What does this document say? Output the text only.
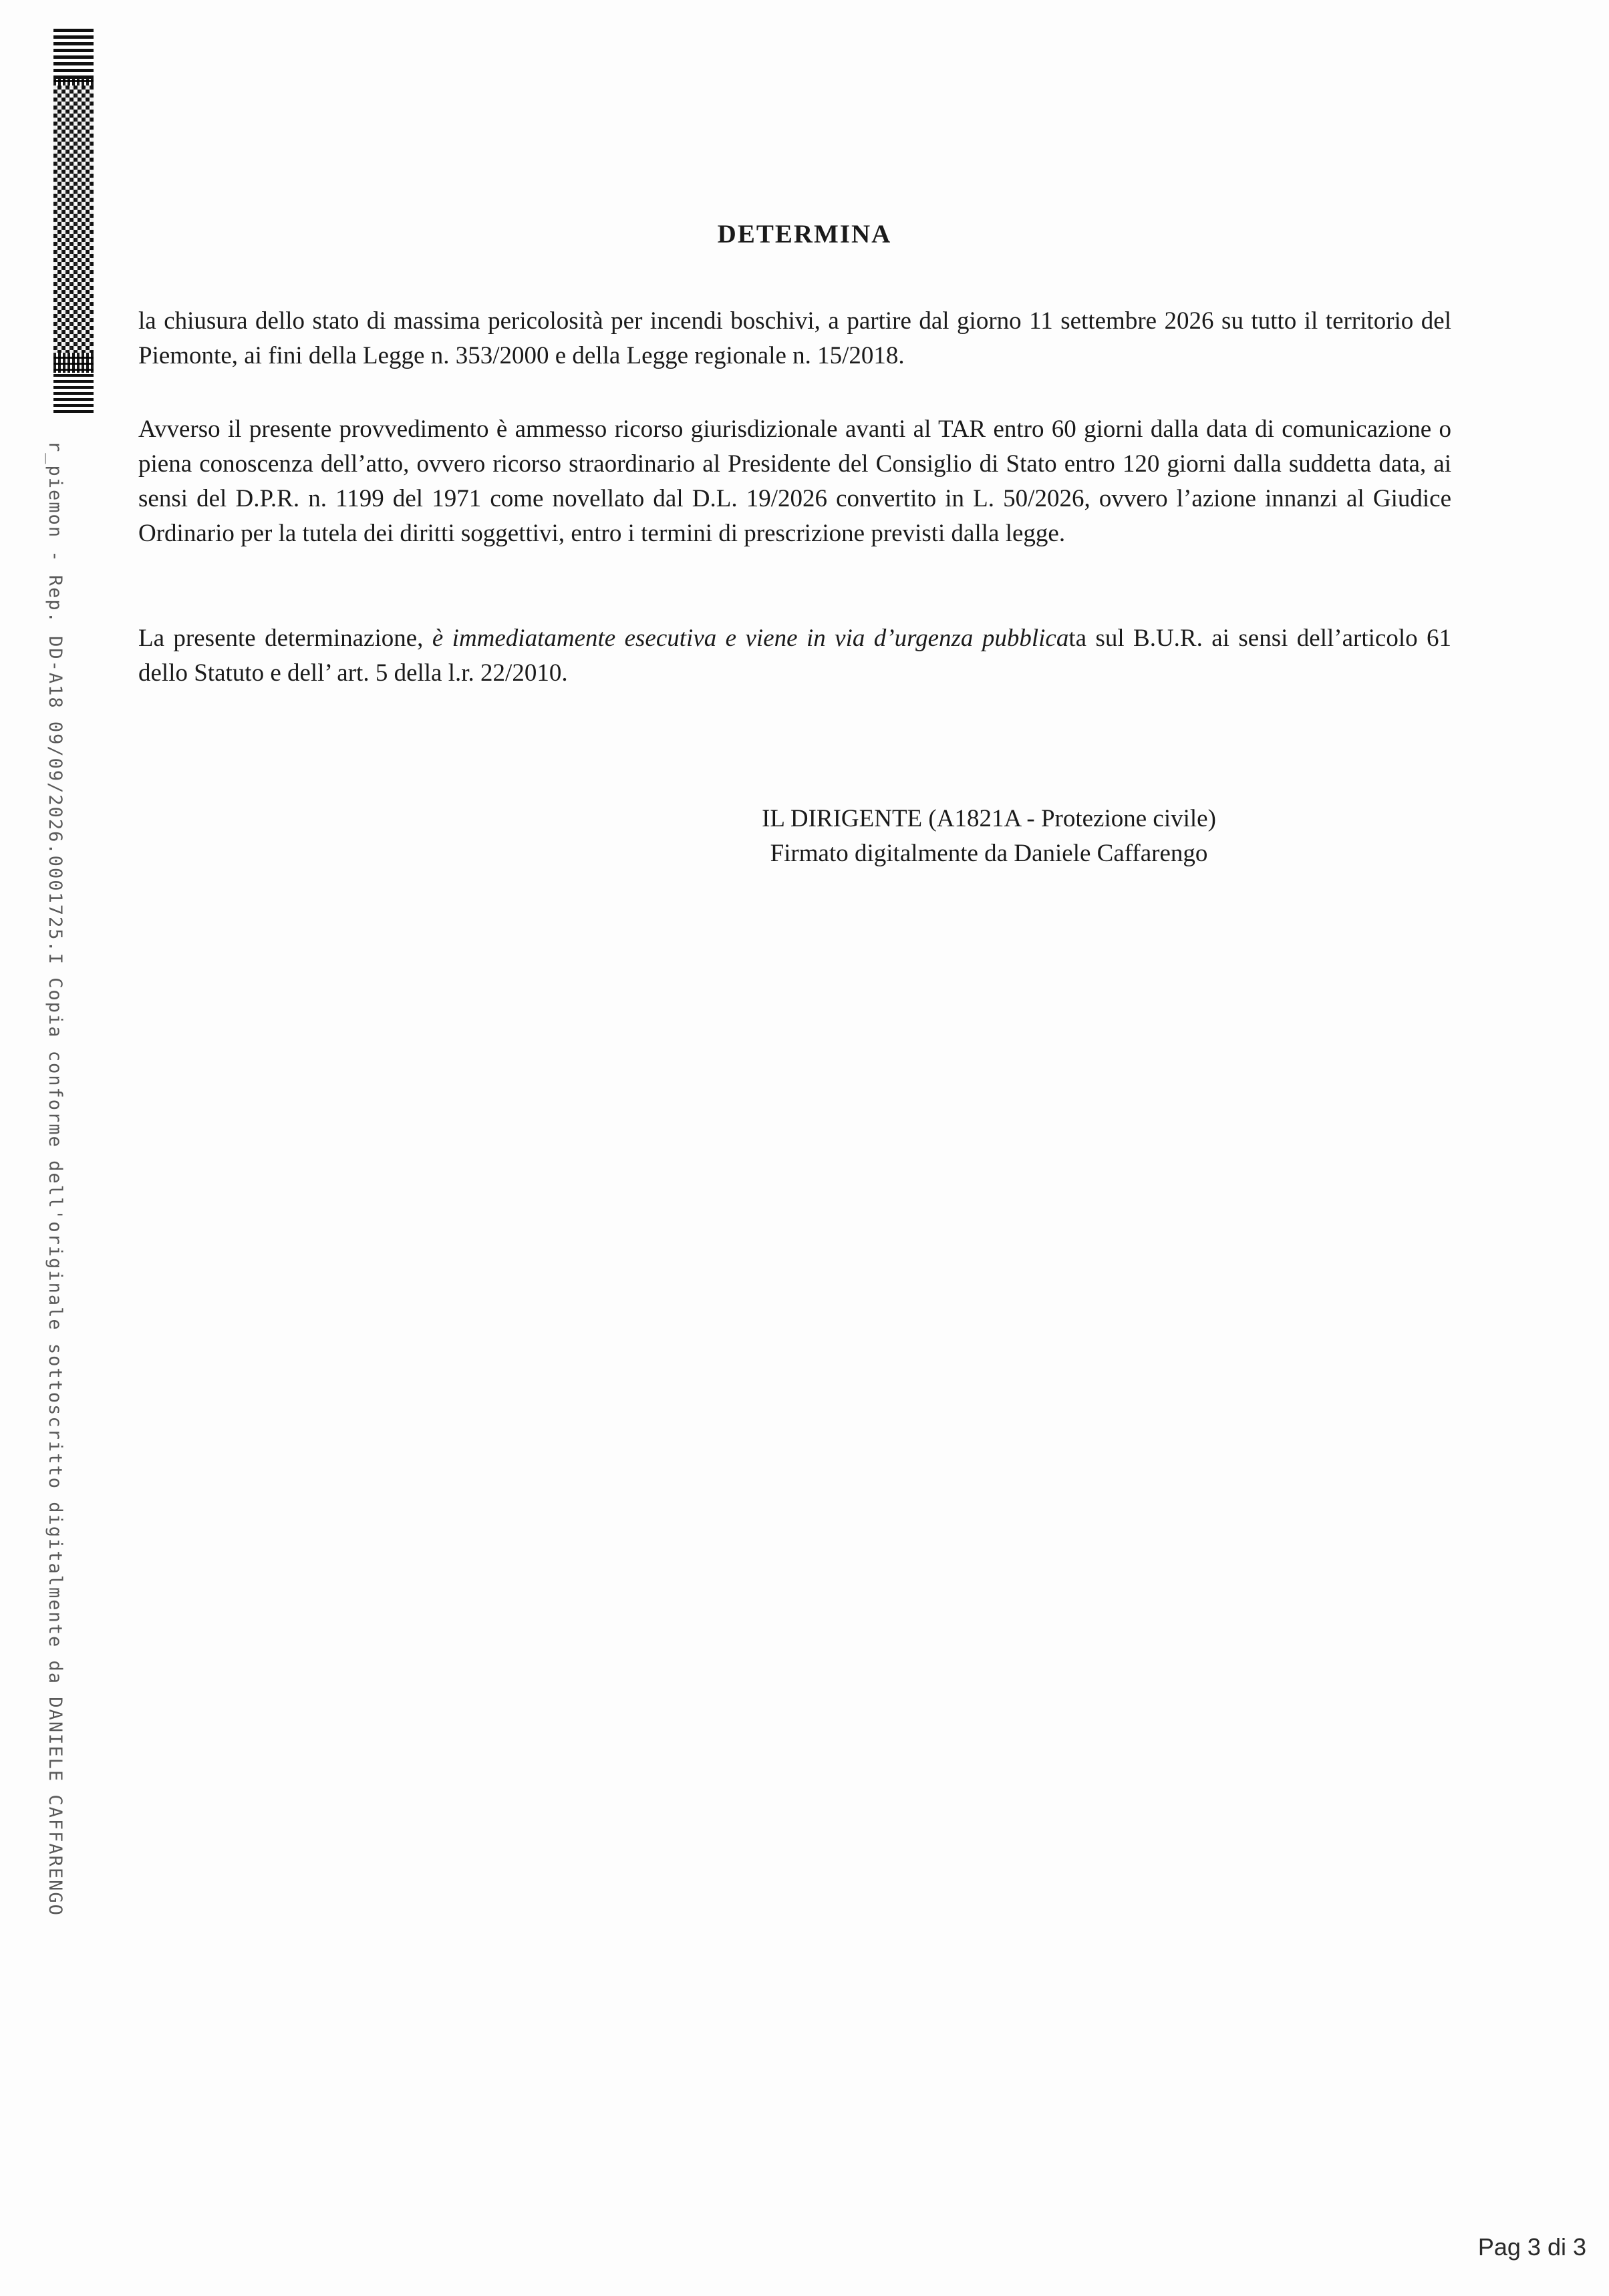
r_piemon - Rep. DD-A18 09/09/2026.0001725.I Copia conforme dell'originale sottoscritto digitalmente da DANIELE CAFFARENGO
DETERMINA
la chiusura dello stato di massima pericolosità per incendi boschivi, a partire dal giorno 11 settembre 2026 su tutto il territorio del Piemonte, ai fini della Legge n. 353/2000 e della Legge regionale n. 15/2018.
Avverso il presente provvedimento è ammesso ricorso giurisdizionale avanti al TAR entro 60 giorni dalla data di comunicazione o piena conoscenza dell’atto, ovvero ricorso straordinario al Presidente del Consiglio di Stato entro 120 giorni dalla suddetta data, ai sensi del D.P.R. n. 1199 del 1971 come novellato dal D.L. 19/2026 convertito in L. 50/2026, ovvero l’azione innanzi al Giudice Ordinario per la tutela dei diritti soggettivi, entro i termini di prescrizione previsti dalla legge.
La presente determinazione, è immediatamente esecutiva e viene in via d’urgenza pubblicata sul B.U.R. ai sensi dell’articolo 61 dello Statuto e dell’ art. 5 della l.r. 22/2010.
IL DIRIGENTE (A1821A - Protezione civile)
Firmato digitalmente da Daniele Caffarengo
Pag 3 di 3
